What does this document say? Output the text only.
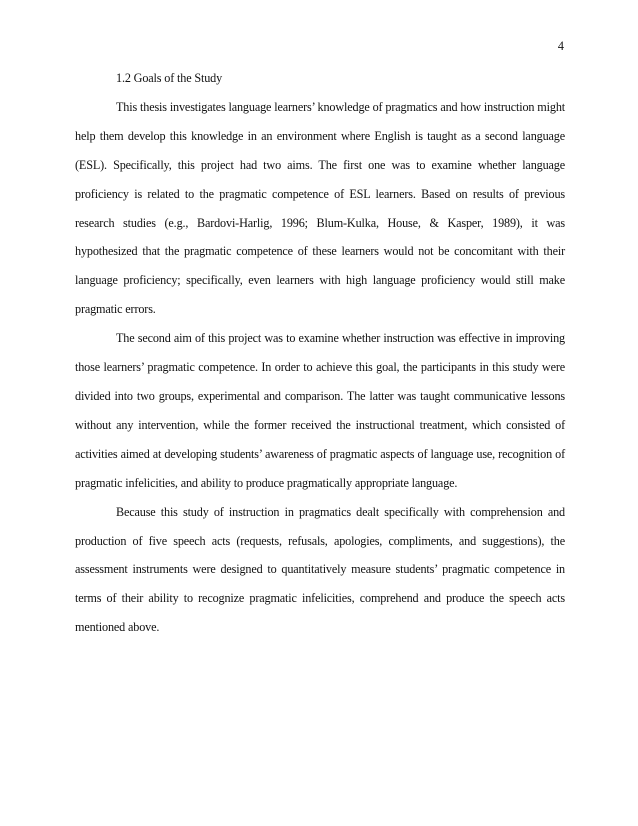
4
1.2 Goals of the Study

This thesis investigates language learners’ knowledge of pragmatics and how instruction might help them develop this knowledge in an environment where English is taught as a second language (ESL). Specifically, this project had two aims. The first one was to examine whether language proficiency is related to the pragmatic competence of ESL learners. Based on results of previous research studies (e.g., Bardovi-Harlig, 1996; Blum-Kulka, House, & Kasper, 1989), it was hypothesized that the pragmatic competence of these learners would not be concomitant with their language proficiency; specifically, even learners with high language proficiency would still make pragmatic errors.

The second aim of this project was to examine whether instruction was effective in improving those learners’ pragmatic competence. In order to achieve this goal, the participants in this study were divided into two groups, experimental and comparison. The latter was taught communicative lessons without any intervention, while the former received the instructional treatment, which consisted of activities aimed at developing students’ awareness of pragmatic aspects of language use, recognition of pragmatic infelicities, and ability to produce pragmatically appropriate language.

Because this study of instruction in pragmatics dealt specifically with comprehension and production of five speech acts (requests, refusals, apologies, compliments, and suggestions), the assessment instruments were designed to quantitatively measure students’ pragmatic competence in terms of their ability to recognize pragmatic infelicities, comprehend and produce the speech acts mentioned above.
